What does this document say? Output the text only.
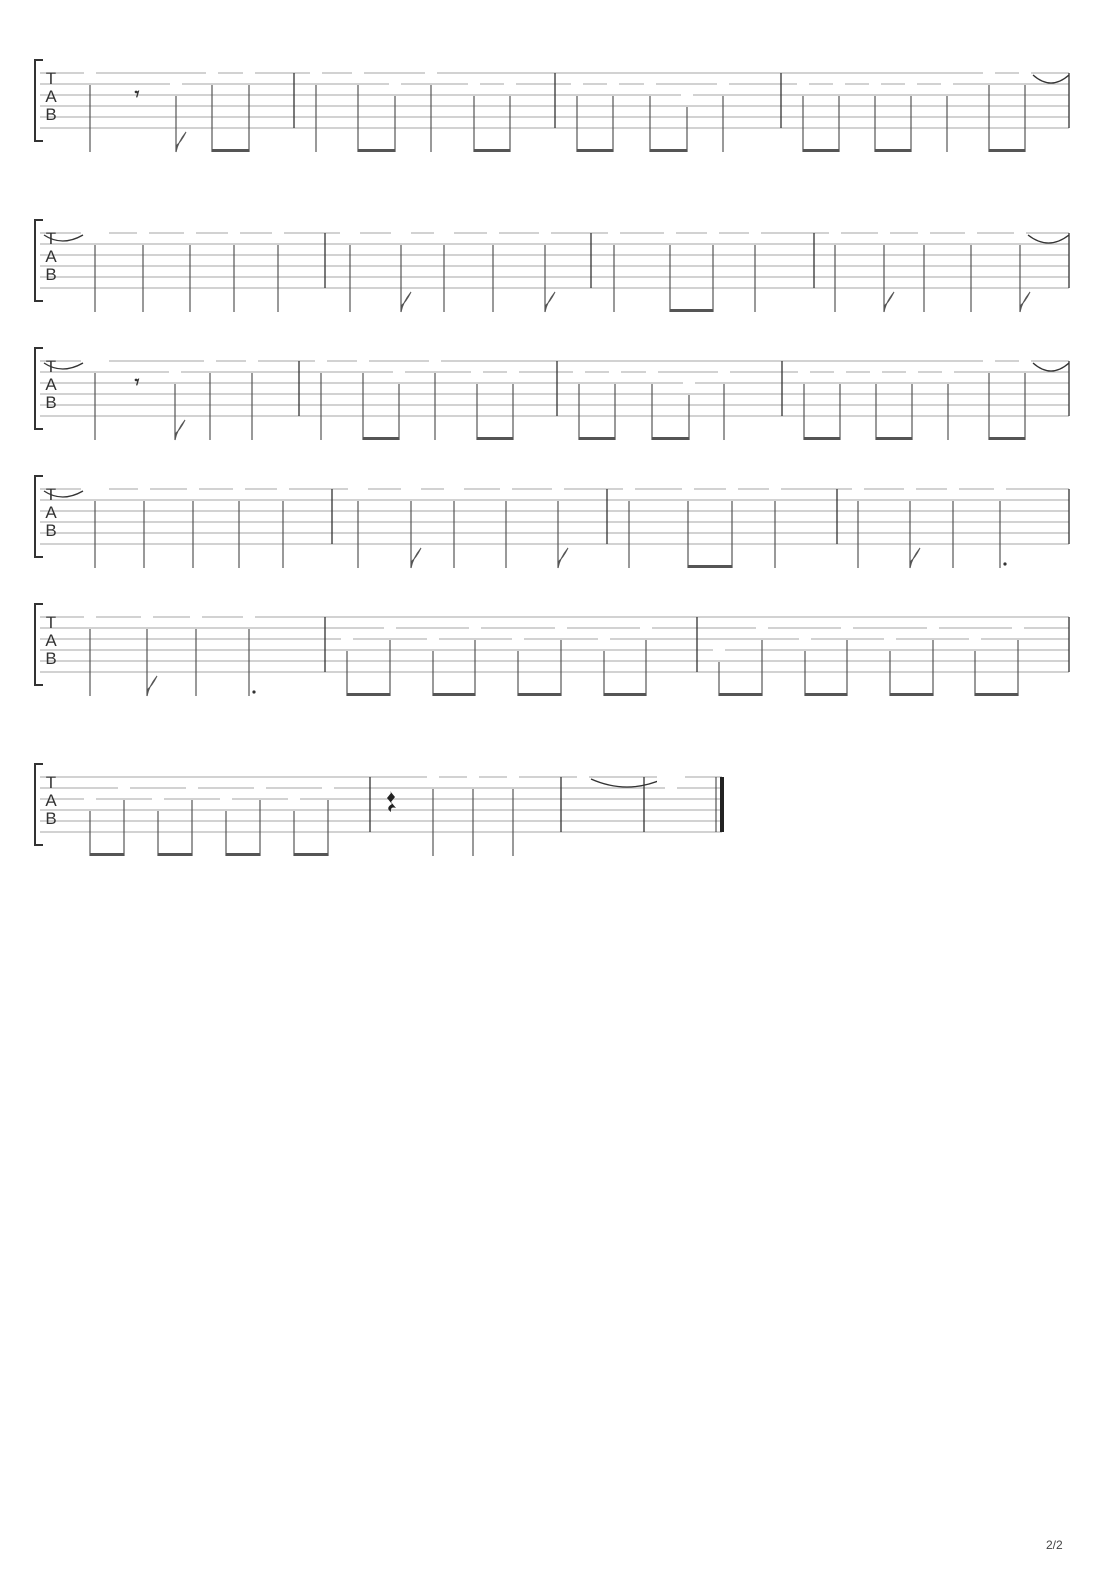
T
A
B
𝄾
T
A
B
T
A
B
𝄾
T
A
B
T
A
B
T
A
B
2/2
